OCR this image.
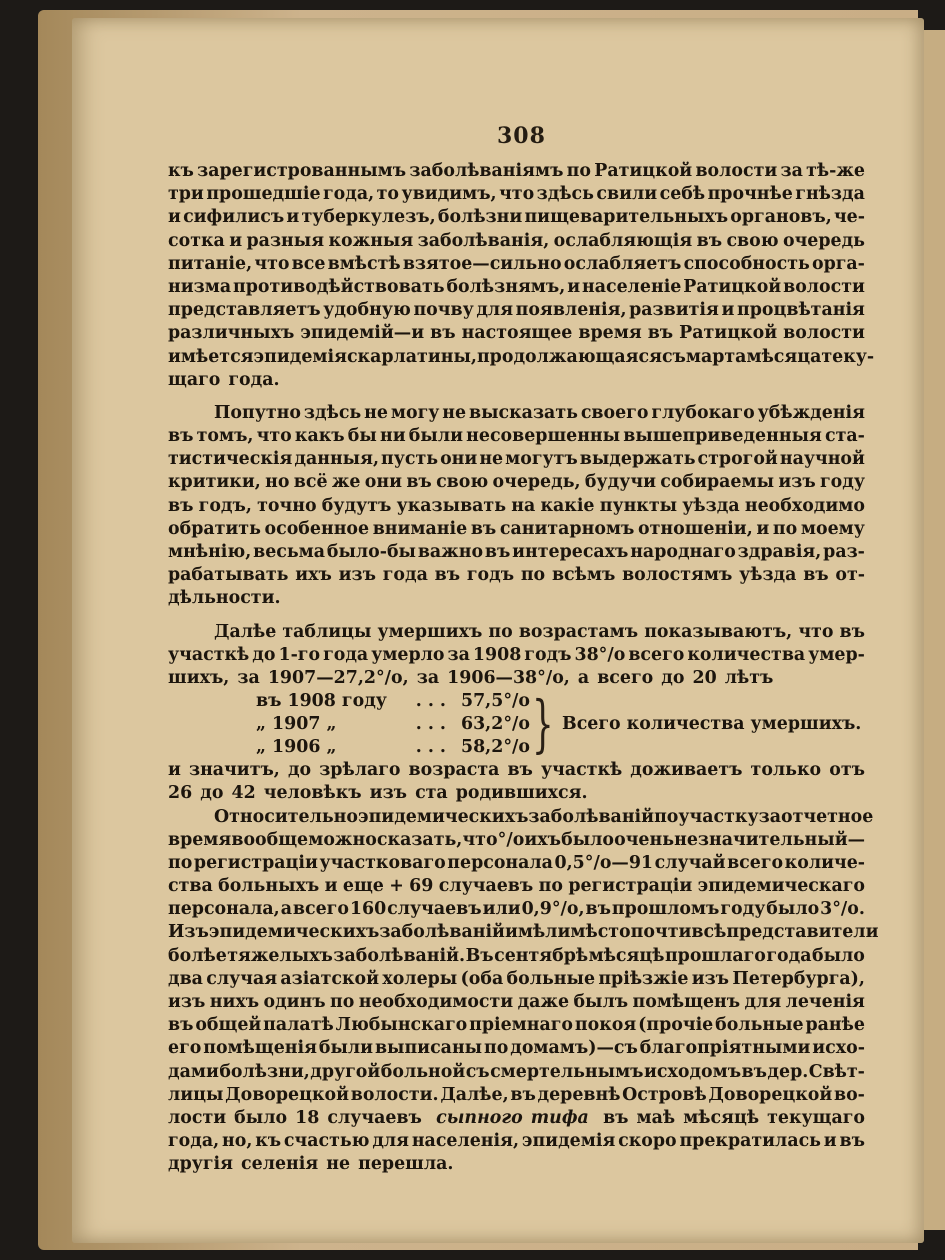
308
къ зарегистрованнымъ заболѣваніямъ по Ратицкой волости за тѣ-же
три прошедшіе года, то увидимъ, что здѣсь свили себѣ прочнѣе гнѣзда
и сифилисъ и туберкулезъ, болѣзни пищеварительныхъ органовъ, че-
сотка и разныя кожныя заболѣванія, ослабляющія въ свою очередь
питаніе, что все вмѣстѣ взятое—сильно ослабляетъ способность орга-
низма противодѣйствовать болѣзнямъ, и населеніе Ратицкой волости
представляетъ удобную почву для появленія, развитія и процвѣтанія
различныхъ эпидемій—и въ настоящее время въ Ратицкой волости
имѣется эпидемія скарлатины, продолжающаяся съ марта мѣсяца теку-
щаго года.
Попутно здѣсь не могу не высказать своего глубокаго убѣжденія
въ томъ, что какъ бы ни были несовершенны вышеприведенныя ста-
тистическія данныя, пусть они не могутъ выдержать строгой научной
критики, но всё же они въ свою очередь, будучи собираемы изъ году
въ годъ, точно будутъ указывать на какіе пункты уѣзда необходимо
обратить особенное вниманіе въ санитарномъ отношеніи, и по моему
мнѣнію, весьма было-бы важно въ интересахъ народнаго здравія, раз-
рабатывать ихъ изъ года въ годъ по всѣмъ волостямъ уѣзда въ от-
дѣльности.
Далѣе таблицы умершихъ по возрастамъ показываютъ, что въ
участкѣ до 1-го года умерло за 1908 годъ 38°/о всего количества умер-
шихъ, за 1907—27,2°/о, за 1906—38°/о, а всего до 20 лѣтъ
въ 1908 году . . . 57,5°/о
„ 1907 „	. . . 63,2°/о
„ 1906 „	. . . 58,2°/о } Всего количества умершихъ.
и значитъ, до зрѣлаго возраста въ участкѣ доживаетъ только отъ
26 до 42 человѣкъ изъ ста родившихся.
Относительно эпидемическихъ заболѣваній по участку за отчетное
время вообще можно сказать, что °/о ихъ было очень незначительный—
по регистраціи участковаго персонала 0,5°/о—91 случай всего количе-
ства больныхъ и еще + 69 случаевъ по регистраціи эпидемическаго
персонала, а всего 160 случаевъ или 0,9°/о, въ прошломъ году было 3°/о.
Изъ эпидемическихъ заболѣваній имѣли мѣсто почти всѣ представители
болѣе тяжелыхъ заболѣваній. Въ сентябрѣ мѣсяцѣ прошлаго года было
два случая азіатской холеры (оба больные пріѣзжіе изъ Петербурга),
изъ нихъ одинъ по необходимости даже былъ помѣщенъ для леченія
въ общей палатѣ Любынскаго пріемнаго покоя (прочіе больные ранѣе
его помѣщенія были выписаны по домамъ)—съ благопріятными исхо-
дами болѣзни, другой больной съ смертельнымъ исходомъ въ дер. Свѣт-
лицы Доворецкой волости. Далѣе, въ деревнѣ Островѣ Доворецкой во-
лости было 18 случаевъ сыпного тифа въ маѣ мѣсяцѣ текущаго
года, но, къ счастью для населенія, эпидемія скоро прекратилась и въ
другія селенія не перешла.
